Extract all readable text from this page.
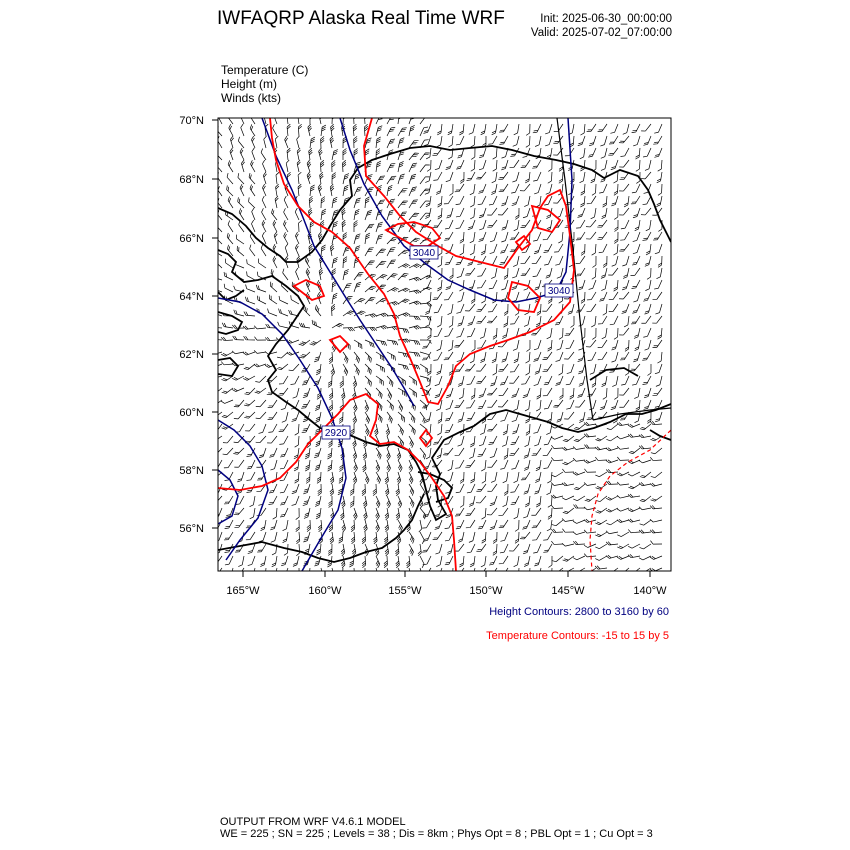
IWFAQRP Alaska Real Time WRF	Init: 2025-06-30_00:00:00
Valid: 2025-07-02_07:00:00
Temperature (C)
Height (m)
Winds (kts)
3040
3040
2920
70°N
68°N
66°N
64°N
62°N
60°N
58°N
56°N
165°W	160°W	155°W	150°W	145°W	140°W
Height Contours: 2800 to 3160 by 60
Temperature Contours: -15 to 15 by 5
OUTPUT FROM WRF V4.6.1 MODEL
WE = 225 ; SN = 225 ; Levels = 38 ; Dis = 8km ; Phys Opt = 8 ; PBL Opt = 1 ; Cu Opt = 3
